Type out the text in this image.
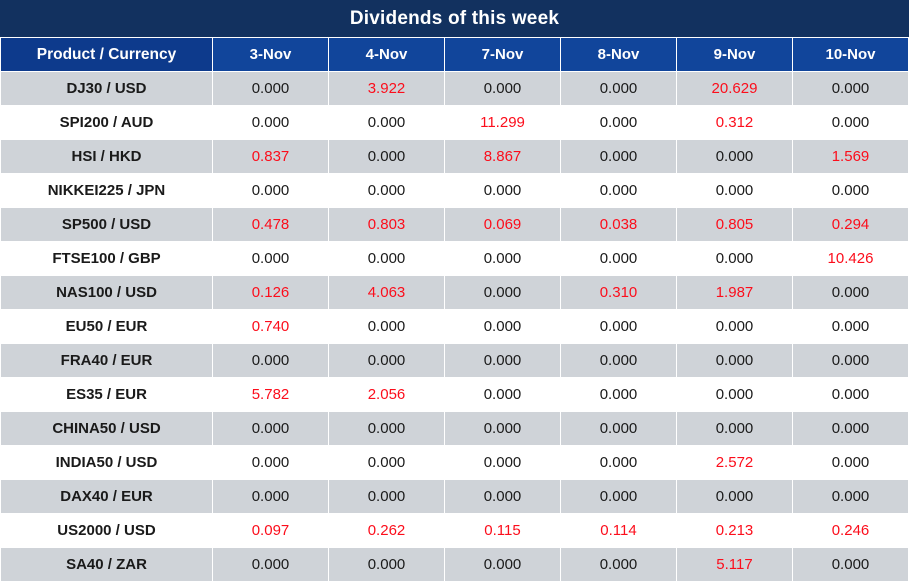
Dividends of this week
Product / Currency	3-Nov	4-Nov	7-Nov	8-Nov	9-Nov	10-Nov
DJ30 / USD	0.000	3.922	0.000	0.000	20.629	0.000
SPI200 / AUD	0.000	0.000	11.299	0.000	0.312	0.000
HSI / HKD	0.837	0.000	8.867	0.000	0.000	1.569
NIKKEI225 / JPN	0.000	0.000	0.000	0.000	0.000	0.000
SP500 / USD	0.478	0.803	0.069	0.038	0.805	0.294
FTSE100 / GBP	0.000	0.000	0.000	0.000	0.000	10.426
NAS100 / USD	0.126	4.063	0.000	0.310	1.987	0.000
EU50 / EUR	0.740	0.000	0.000	0.000	0.000	0.000
FRA40 / EUR	0.000	0.000	0.000	0.000	0.000	0.000
ES35 / EUR	5.782	2.056	0.000	0.000	0.000	0.000
CHINA50 / USD	0.000	0.000	0.000	0.000	0.000	0.000
INDIA50 / USD	0.000	0.000	0.000	0.000	2.572	0.000
DAX40 / EUR	0.000	0.000	0.000	0.000	0.000	0.000
US2000 / USD	0.097	0.262	0.115	0.114	0.213	0.246
SA40 / ZAR	0.000	0.000	0.000	0.000	5.117	0.000
